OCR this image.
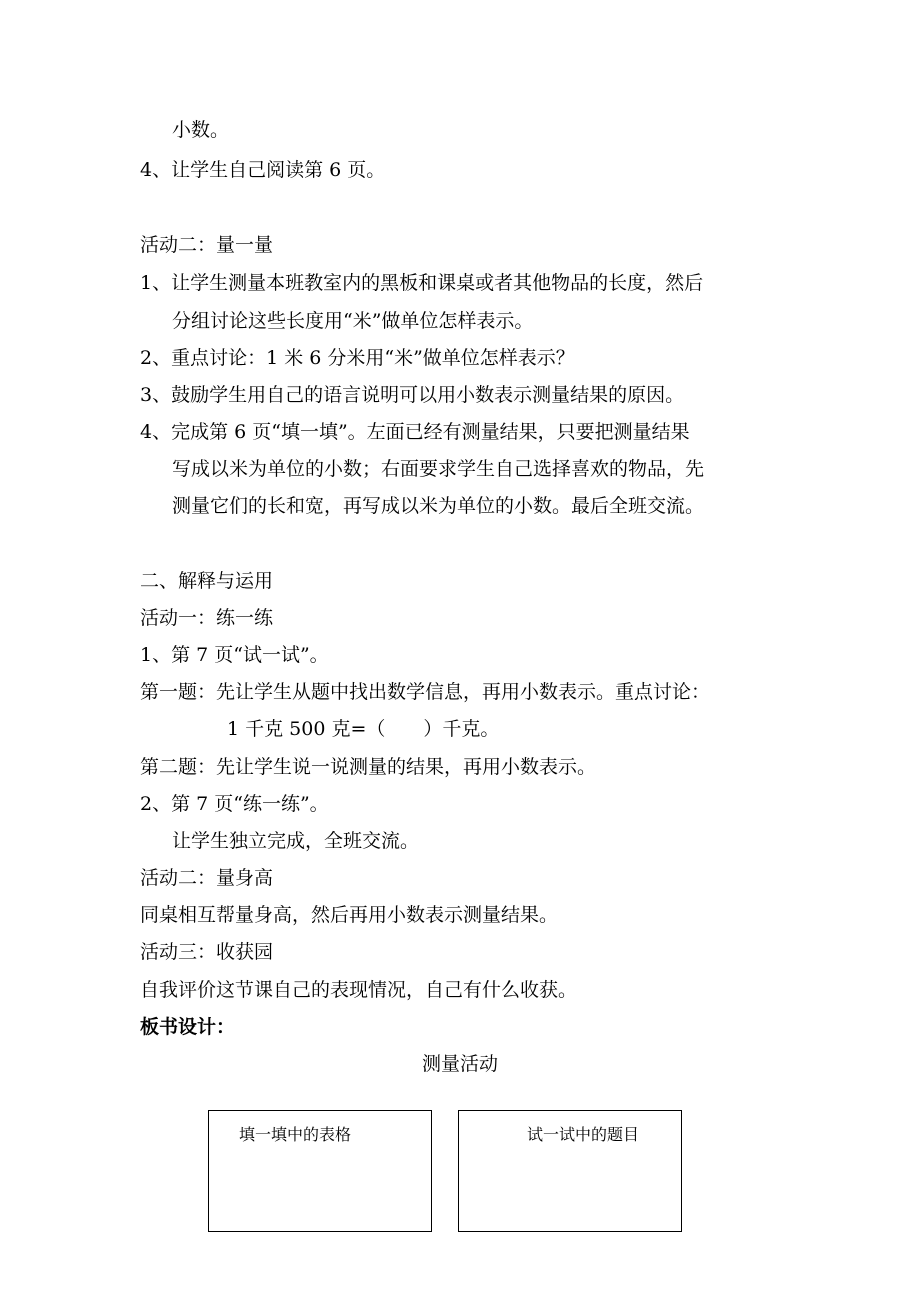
小数。
4、让学生自己阅读第 6 页。
活动二：量一量
1、让学生测量本班教室内的黑板和课桌或者其他物品的长度，然后
分组讨论这些长度用“米”做单位怎样表示。
2、重点讨论：1 米 6 分米用“米”做单位怎样表示？
3、鼓励学生用自己的语言说明可以用小数表示测量结果的原因。
4、完成第 6 页“填一填”。左面已经有测量结果，只要把测量结果
写成以米为单位的小数；右面要求学生自己选择喜欢的物品，先
测量它们的长和宽，再写成以米为单位的小数。最后全班交流。
二、解释与运用
活动一：练一练
1、第 7 页“试一试”。
第一题：先让学生从题中找出数学信息，再用小数表示。重点讨论：
1 千克 500 克=（　　）千克。
第二题：先让学生说一说测量的结果，再用小数表示。
2、第 7 页“练一练”。
让学生独立完成，全班交流。
活动二：量身高
同桌相互帮量身高，然后再用小数表示测量结果。
活动三：收获园
自我评价这节课自己的表现情况，自己有什么收获。
板书设计：
测量活动
填一填中的表格	试一试中的题目
